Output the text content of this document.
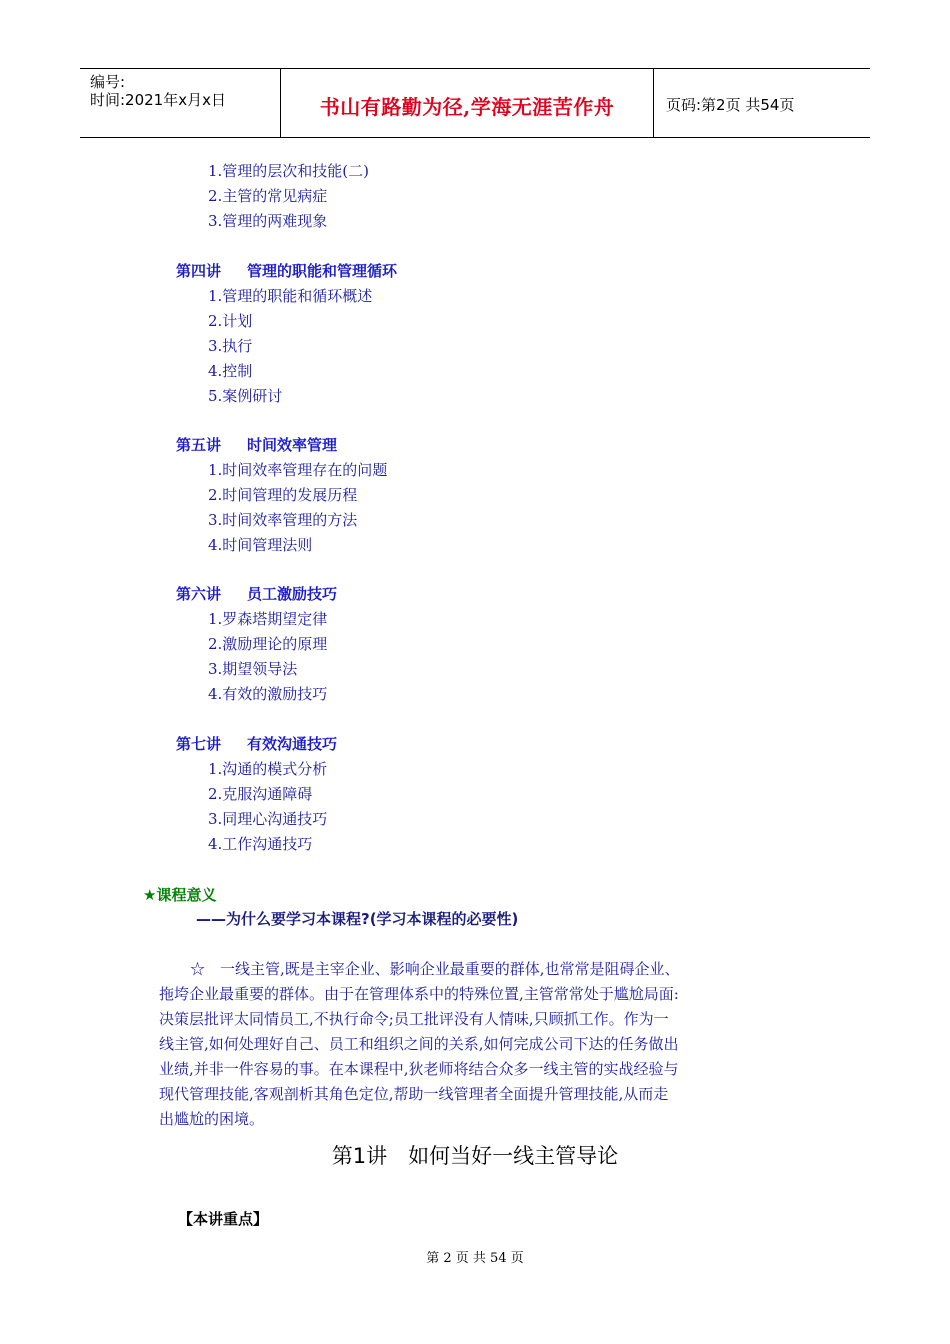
编号:
时间:2021年x月x日	书山有路勤为径,学海无涯苦作舟	页码:第2页 共54页
1.管理的层次和技能(二)
2.主管的常见病症
3.管理的两难现象
第四讲 管理的职能和管理循环
1.管理的职能和循环概述
2.计划
3.执行
4.控制
5.案例研讨
第五讲 时间效率管理
1.时间效率管理存在的问题
2.时间管理的发展历程
3.时间效率管理的方法
4.时间管理法则
第六讲 员工激励技巧
1.罗森塔期望定律
2.激励理论的原理
3.期望领导法
4.有效的激励技巧
第七讲 有效沟通技巧
1.沟通的模式分析
2.克服沟通障碍
3.同理心沟通技巧
4.工作沟通技巧
★课程意义
——为什么要学习本课程?(学习本课程的必要性)
☆　一线主管,既是主宰企业、影响企业最重要的群体,也常常是阻碍企业、
拖垮企业最重要的群体。由于在管理体系中的特殊位置,主管常常处于尴尬局面:
决策层批评太同情员工,不执行命令;员工批评没有人情味,只顾抓工作。作为一
线主管,如何处理好自己、员工和组织之间的关系,如何完成公司下达的任务做出
业绩,并非一件容易的事。在本课程中,狄老师将结合众多一线主管的实战经验与
现代管理技能,客观剖析其角色定位,帮助一线管理者全面提升管理技能,从而走
出尴尬的困境。
第1讲　如何当好一线主管导论
【本讲重点】
第 2 页 共 54 页
